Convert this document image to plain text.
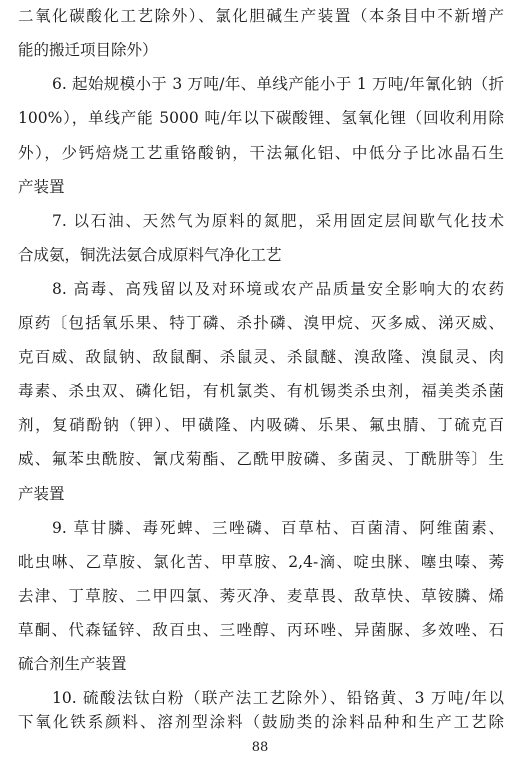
二氧化碳酸化工艺除外）、氯化胆碱生产装置（本条目中不新增产
能的搬迁项目除外）
6. 起始规模小于 3 万吨/年、单线产能小于 1 万吨/年氰化钠（折
100%），单线产能 5000 吨/年以下碳酸锂、氢氧化锂（回收利用除
外），少钙焙烧工艺重铬酸钠，干法氟化铝、中低分子比冰晶石生
产装置
7. 以石油、天然气为原料的氮肥，采用固定层间歇气化技术
合成氨，铜洗法氨合成原料气净化工艺
8. 高毒、高残留以及对环境或农产品质量安全影响大的农药
原药〔包括氧乐果、特丁磷、杀扑磷、溴甲烷、灭多威、涕灭威、
克百威、敌鼠钠、敌鼠酮、杀鼠灵、杀鼠醚、溴敌隆、溴鼠灵、肉
毒素、杀虫双、磷化铝，有机氯类、有机锡类杀虫剂，福美类杀菌
剂，复硝酚钠（钾）、甲磺隆、内吸磷、乐果、氟虫腈、丁硫克百
威、氟苯虫酰胺、氰戊菊酯、乙酰甲胺磷、多菌灵、丁酰肼等〕生
产装置
9. 草甘膦、毒死蜱、三唑磷、百草枯、百菌清、阿维菌素、
吡虫啉、乙草胺、氯化苦、甲草胺、2,4-滴、啶虫脒、噻虫嗪、莠
去津、丁草胺、二甲四氯、莠灭净、麦草畏、敌草快、草铵膦、烯
草酮、代森锰锌、敌百虫、三唑醇、丙环唑、异菌脲、多效唑、石
硫合剂生产装置
10. 硫酸法钛白粉（联产法工艺除外）、铅铬黄、3 万吨/年以
下氧化铁系颜料、溶剂型涂料（鼓励类的涂料品种和生产工艺除
88
